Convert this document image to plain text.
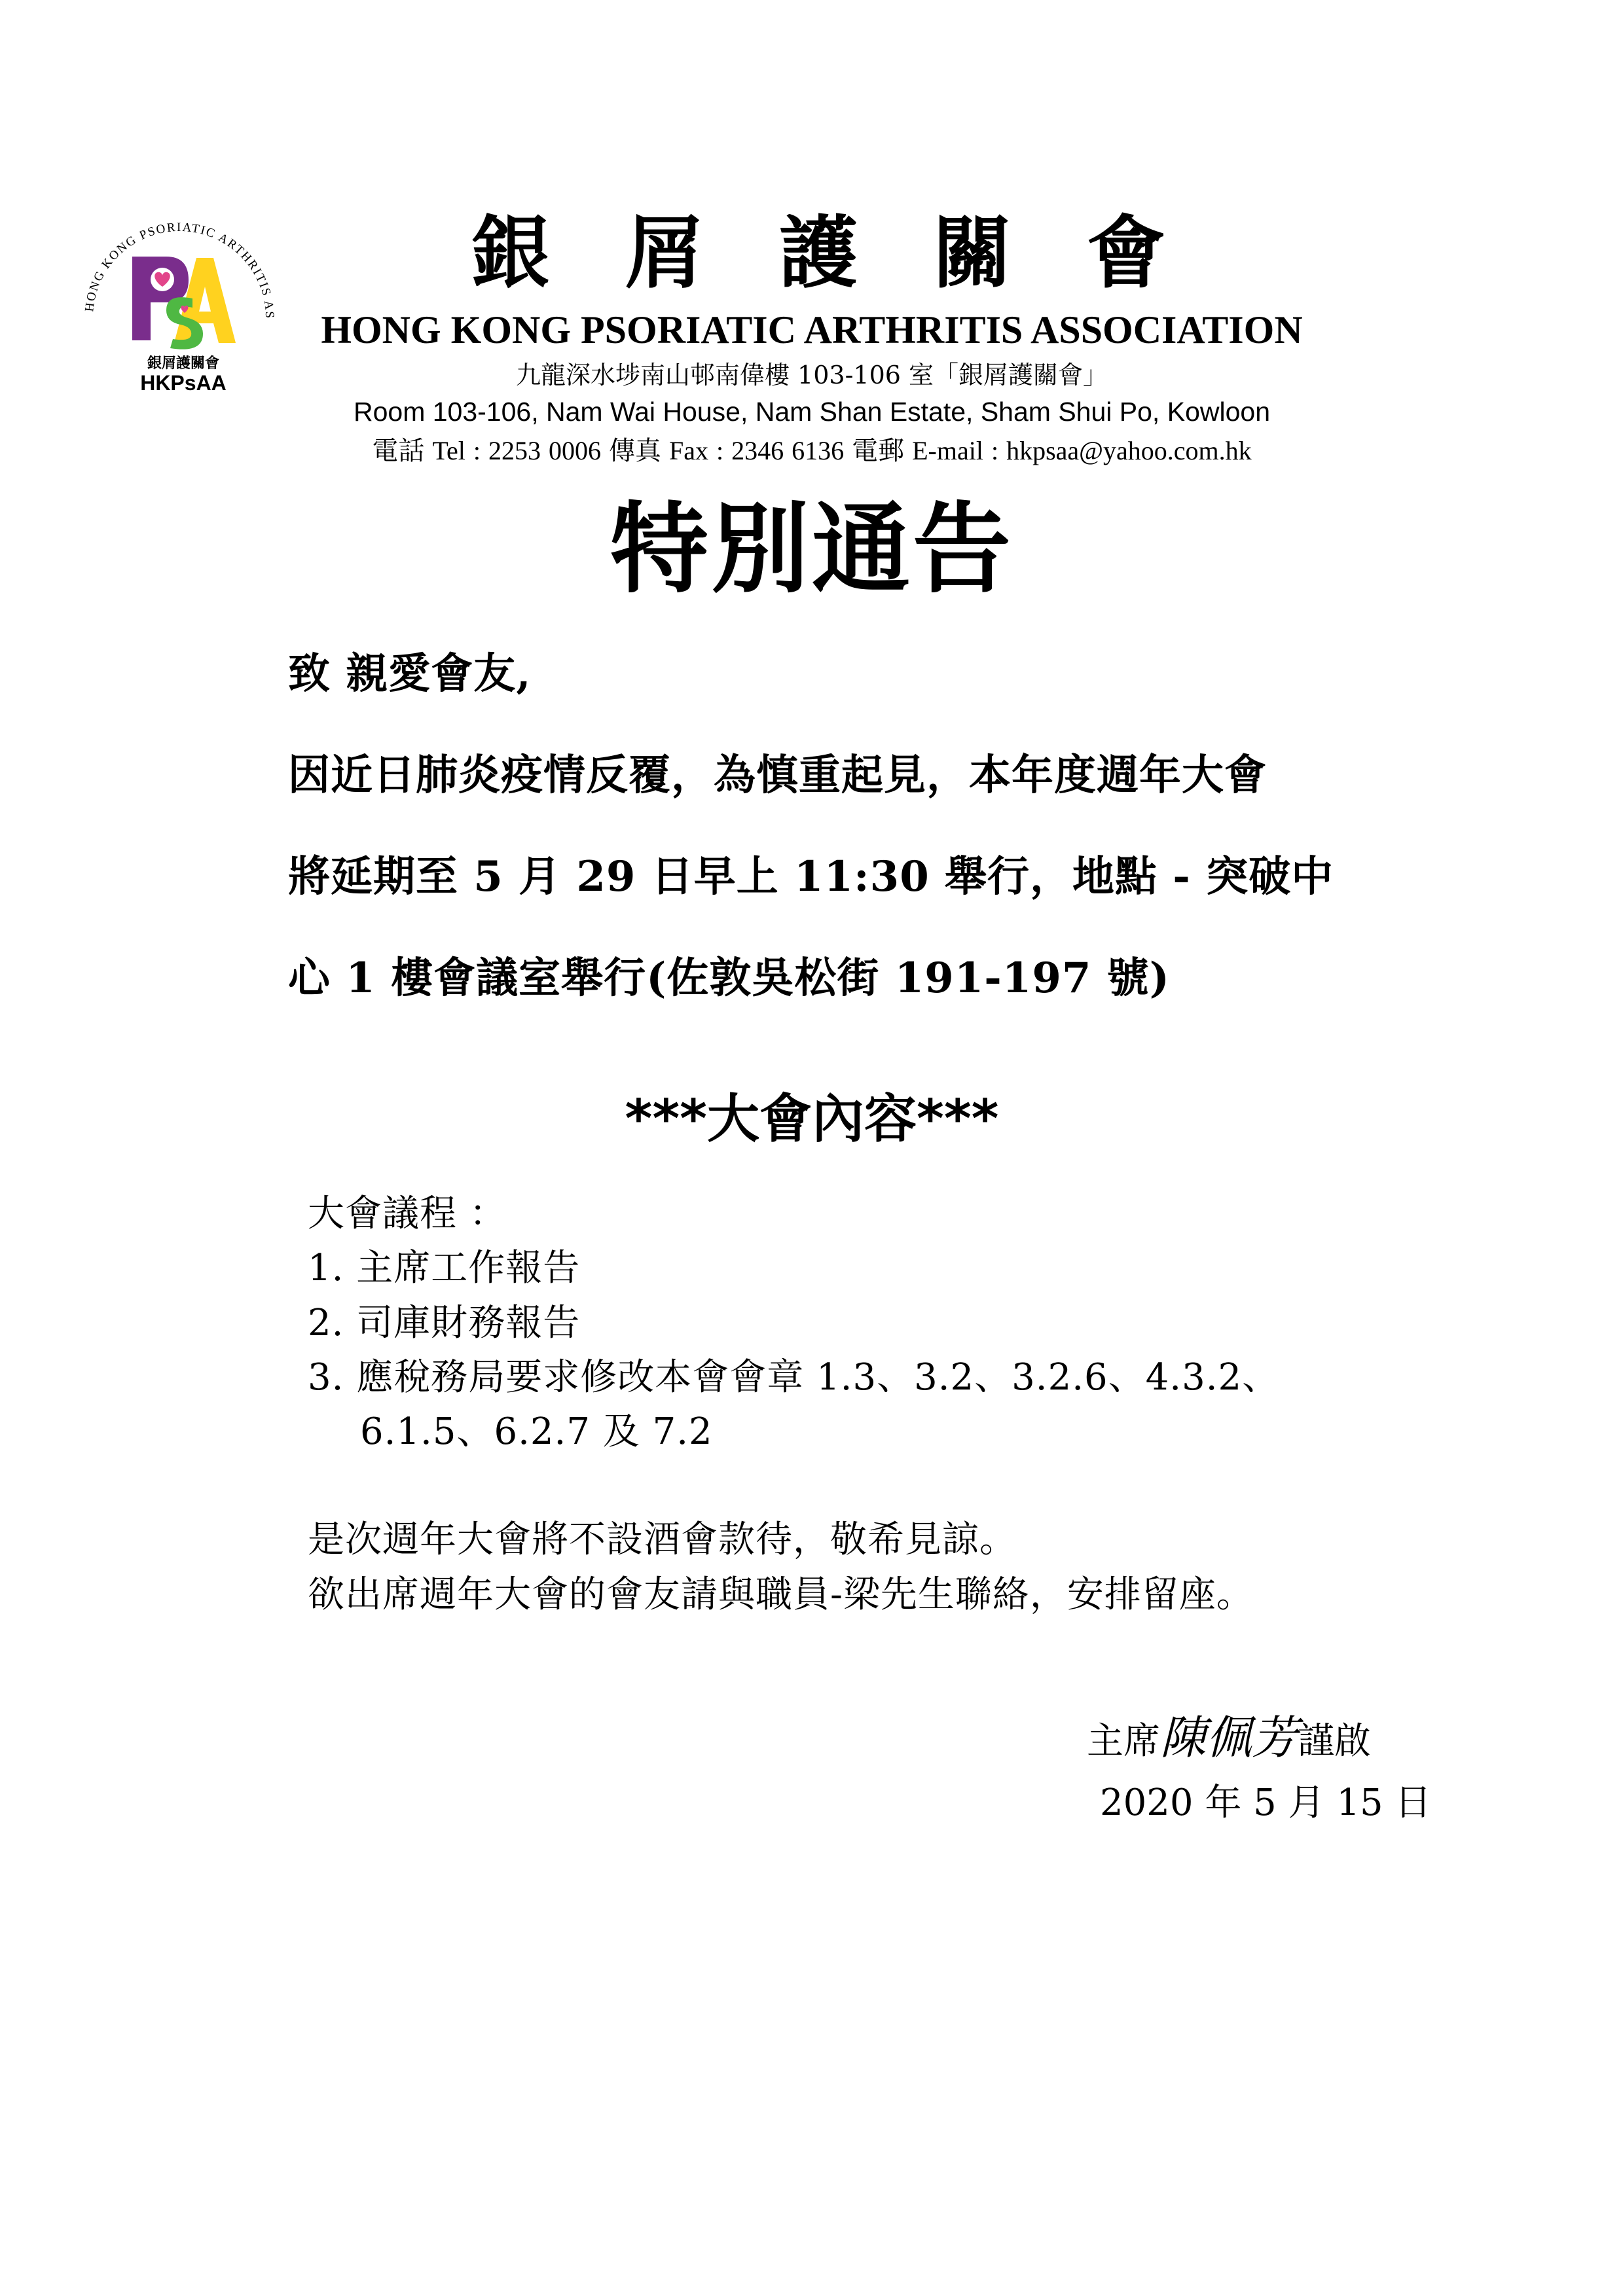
HONG KONG PSORIATIC ARTHRITIS AS
銀屑護關會
HKPsAA
銀屑護關會
HONG KONG PSORIATIC ARTHRITIS ASSOCIATION
九龍深水埗南山邨南偉樓 103-106 室「銀屑護關會」
Room 103-106, Nam Wai House, Nam Shan Estate, Sham Shui Po, Kowloon
電話 Tel : 2253 0006 傳真 Fax : 2346 6136 電郵 E-mail : hkpsaa@yahoo.com.hk
特別通告
致 親愛會友,
因近日肺炎疫情反覆，為慎重起見，本年度週年大會
將延期至 5 月 29 日早上 11:30 舉行，地點 - 突破中
心 1 樓會議室舉行(佐敦吳松街 191-197 號)
***大會內容***
大會議程 ：
1. 主席工作報告
2. 司庫財務報告
3. 應稅務局要求修改本會會章 1.3、3.2、3.2.6、4.3.2、
6.1.5、6.2.7 及 7.2
是次週年大會將不設酒會款待，敬希見諒。
欲出席週年大會的會友請與職員-梁先生聯絡，安排留座。
主席陳佩芳謹啟
2020 年 5 月 15 日
